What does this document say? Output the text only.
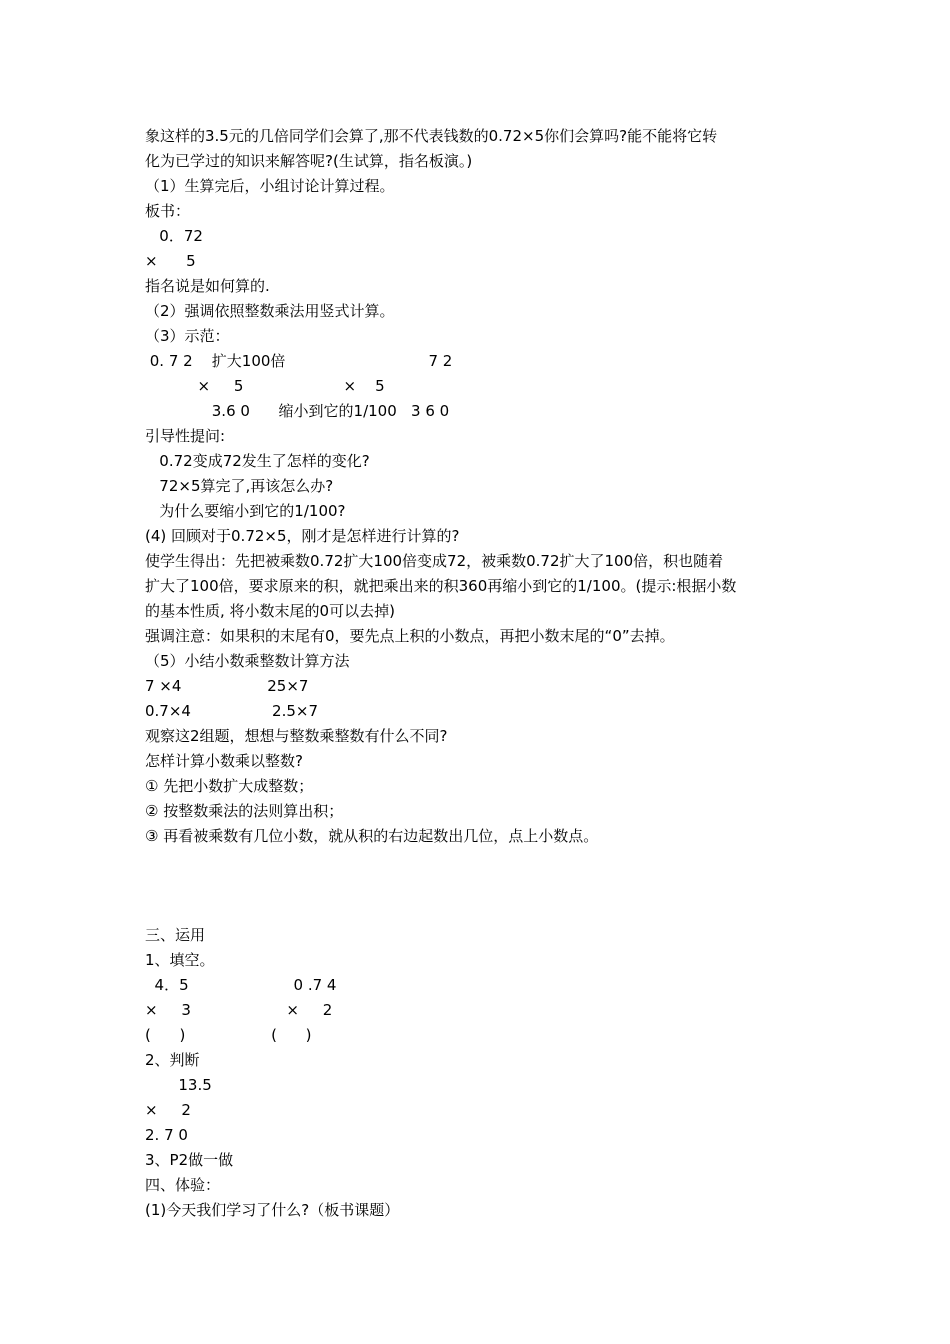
象这样的3.5元的几倍同学们会算了,那不代表钱数的0.72×5你们会算吗?能不能将它转
化为已学过的知识来解答呢?(生试算，指名板演。)
（1）生算完后，小组讨论计算过程。
板书：
0．72
×      5
指名说是如何算的.
（2）强调依照整数乘法用竖式计算。
（3）示范：
0. 7 2    扩大100倍                              7 2
×     5                     ×    5
3.6 0      缩小到它的1/100   3 6 0
引导性提问:
0.72变成72发生了怎样的变化?
72×5算完了,再该怎么办?
为什么要缩小到它的1/100?
(4) 回顾对于0.72×5，刚才是怎样进行计算的?
使学生得出：先把被乘数0.72扩大100倍变成72，被乘数0.72扩大了100倍，积也随着
扩大了100倍，要求原来的积，就把乘出来的积360再缩小到它的1/100。(提示:根据小数
的基本性质, 将小数末尾的0可以去掉)
强调注意：如果积的末尾有0，要先点上积的小数点，再把小数末尾的“0”去掉。
（5）小结小数乘整数计算方法
7 ×4                  25×7
0.7×4                 2.5×7
观察这2组题，想想与整数乘整数有什么不同?
怎样计算小数乘以整数?
① 先把小数扩大成整数；
② 按整数乘法的法则算出积；
③ 再看被乘数有几位小数，就从积的右边起数出几位，点上小数点。
三、运用
1、填空。
4．5                      0 .7 4
×     3                    ×     2
(      )                  (      )
2、判断
13.5
×     2
2. 7 0
3、P2做一做
四、体验：
(1)今天我们学习了什么?（板书课题）
